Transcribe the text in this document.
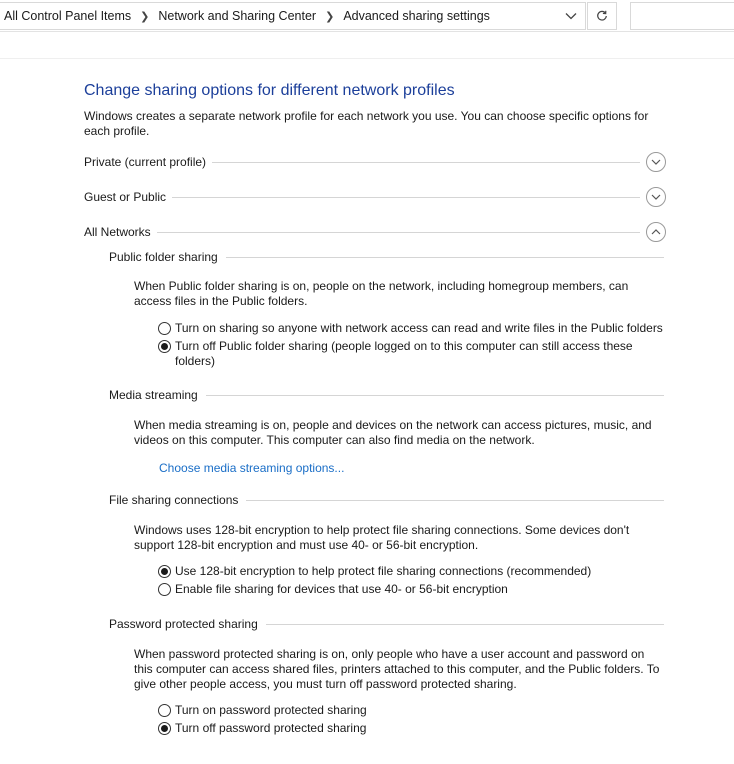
All Control Panel Items ❯ Network and Sharing Center ❯ Advanced sharing settings
Change sharing options for different network profiles
Windows creates a separate network profile for each network you use. You can choose specific options for each profile.
Private (current profile)
Guest or Public
All Networks
Public folder sharing
When Public folder sharing is on, people on the network, including homegroup members, can access files in the Public folders.
Turn on sharing so anyone with network access can read and write files in the Public folders
Turn off Public folder sharing (people logged on to this computer can still access these folders)
Media streaming
When media streaming is on, people and devices on the network can access pictures, music, and videos on this computer. This computer can also find media on the network.
Choose media streaming options...
File sharing connections
Windows uses 128-bit encryption to help protect file sharing connections. Some devices don't support 128-bit encryption and must use 40- or 56-bit encryption.
Use 128-bit encryption to help protect file sharing connections (recommended)
Enable file sharing for devices that use 40- or 56-bit encryption
Password protected sharing
When password protected sharing is on, only people who have a user account and password on this computer can access shared files, printers attached to this computer, and the Public folders. To give other people access, you must turn off password protected sharing.
Turn on password protected sharing
Turn off password protected sharing
